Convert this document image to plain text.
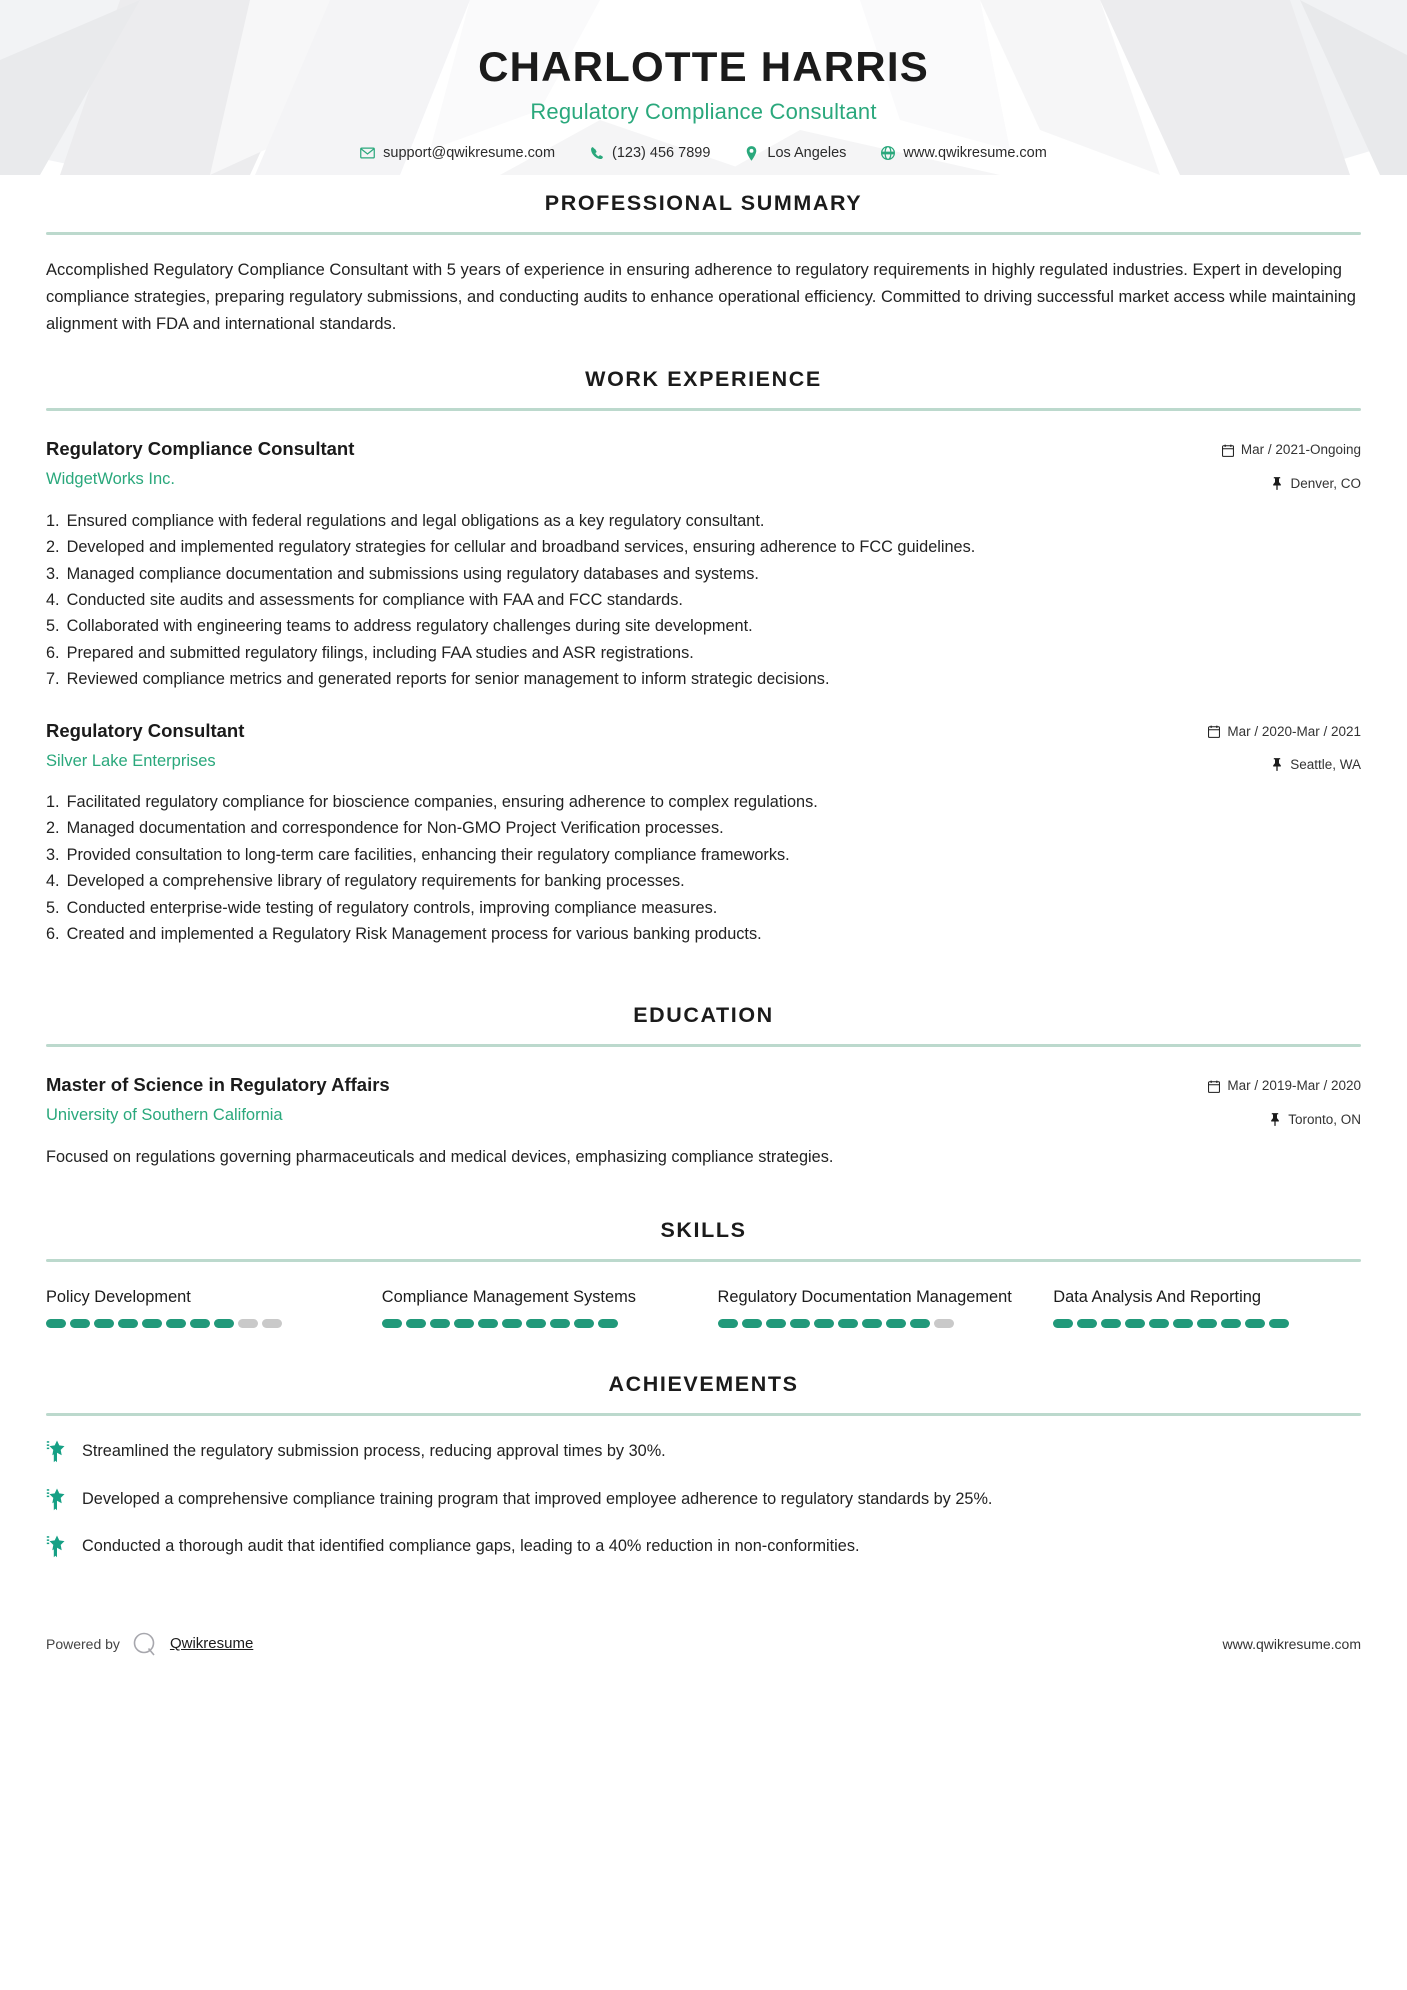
CHARLOTTE HARRIS
Regulatory Compliance Consultant
support@qwikresume.com	(123) 456 7899	Los Angeles	www.qwikresume.com
PROFESSIONAL SUMMARY
Accomplished Regulatory Compliance Consultant with 5 years of experience in ensuring adherence to regulatory requirements in highly regulated industries. Expert in developing compliance strategies, preparing regulatory submissions, and conducting audits to enhance operational efficiency. Committed to driving successful market access while maintaining alignment with FDA and international standards.
WORK EXPERIENCE
Regulatory Compliance Consultant
WidgetWorks Inc.
Mar / 2021-Ongoing
Denver, CO
1. Ensured compliance with federal regulations and legal obligations as a key regulatory consultant.
2. Developed and implemented regulatory strategies for cellular and broadband services, ensuring adherence to FCC guidelines.
3. Managed compliance documentation and submissions using regulatory databases and systems.
4. Conducted site audits and assessments for compliance with FAA and FCC standards.
5. Collaborated with engineering teams to address regulatory challenges during site development.
6. Prepared and submitted regulatory filings, including FAA studies and ASR registrations.
7. Reviewed compliance metrics and generated reports for senior management to inform strategic decisions.
Regulatory Consultant
Silver Lake Enterprises
Mar / 2020-Mar / 2021
Seattle, WA
1. Facilitated regulatory compliance for bioscience companies, ensuring adherence to complex regulations.
2. Managed documentation and correspondence for Non-GMO Project Verification processes.
3. Provided consultation to long-term care facilities, enhancing their regulatory compliance frameworks.
4. Developed a comprehensive library of regulatory requirements for banking processes.
5. Conducted enterprise-wide testing of regulatory controls, improving compliance measures.
6. Created and implemented a Regulatory Risk Management process for various banking products.
EDUCATION
Master of Science in Regulatory Affairs
University of Southern California
Mar / 2019-Mar / 2020
Toronto, ON
Focused on regulations governing pharmaceuticals and medical devices, emphasizing compliance strategies.
SKILLS
Policy Development	Compliance Management Systems	Regulatory Documentation Management	Data Analysis And Reporting
ACHIEVEMENTS
Streamlined the regulatory submission process, reducing approval times by 30%.
Developed a comprehensive compliance training program that improved employee adherence to regulatory standards by 25%.
Conducted a thorough audit that identified compliance gaps, leading to a 40% reduction in non-conformities.
Powered by	Qwikresume	www.qwikresume.com
